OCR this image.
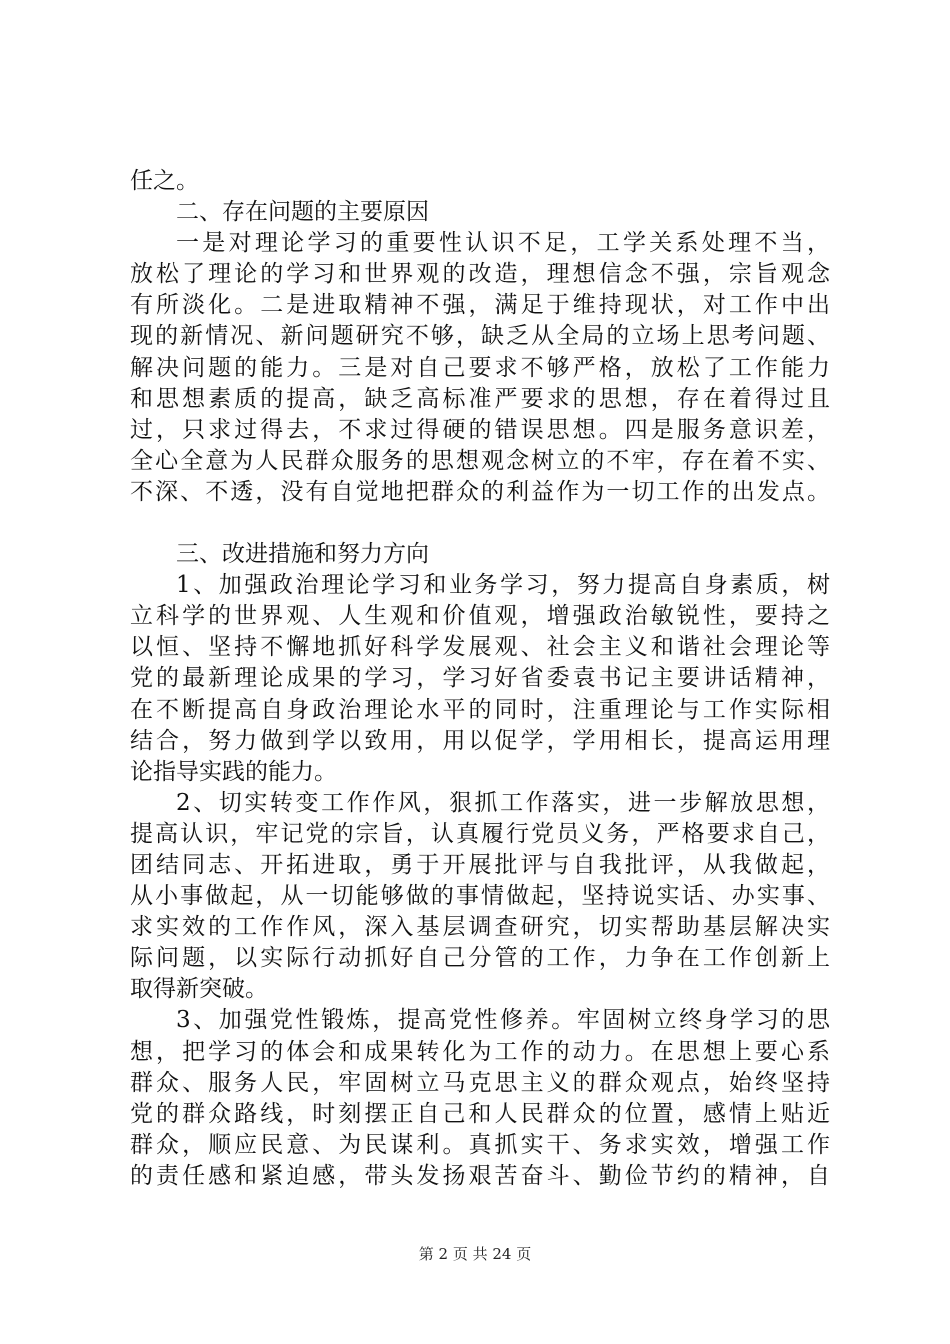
任之。
二、存在问题的主要原因
一是对理论学习的重要性认识不足，工学关系处理不当，
放松了理论的学习和世界观的改造，理想信念不强，宗旨观念
有所淡化。二是进取精神不强，满足于维持现状，对工作中出
现的新情况、新问题研究不够，缺乏从全局的立场上思考问题、
解决问题的能力。三是对自己要求不够严格，放松了工作能力
和思想素质的提高，缺乏高标准严要求的思想，存在着得过且
过，只求过得去，不求过得硬的错误思想。四是服务意识差，
全心全意为人民群众服务的思想观念树立的不牢，存在着不实、
不深、不透，没有自觉地把群众的利益作为一切工作的出发点。
三、改进措施和努力方向
1、加强政治理论学习和业务学习，努力提高自身素质，树
立科学的世界观、人生观和价值观，增强政治敏锐性，要持之
以恒、坚持不懈地抓好科学发展观、社会主义和谐社会理论等
党的最新理论成果的学习，学习好省委袁书记主要讲话精神，
在不断提高自身政治理论水平的同时，注重理论与工作实际相
结合，努力做到学以致用，用以促学，学用相长，提高运用理
论指导实践的能力。
2、切实转变工作作风，狠抓工作落实，进一步解放思想，
提高认识，牢记党的宗旨，认真履行党员义务，严格要求自己，
团结同志、开拓进取，勇于开展批评与自我批评，从我做起，
从小事做起，从一切能够做的事情做起，坚持说实话、办实事、
求实效的工作作风，深入基层调查研究，切实帮助基层解决实
际问题，以实际行动抓好自己分管的工作，力争在工作创新上
取得新突破。
3、加强党性锻炼，提高党性修养。牢固树立终身学习的思
想，把学习的体会和成果转化为工作的动力。在思想上要心系
群众、服务人民，牢固树立马克思主义的群众观点，始终坚持
党的群众路线，时刻摆正自己和人民群众的位置，感情上贴近
群众，顺应民意、为民谋利。真抓实干、务求实效，增强工作
的责任感和紧迫感，带头发扬艰苦奋斗、勤俭节约的精神，自
第 2 页 共 24 页
